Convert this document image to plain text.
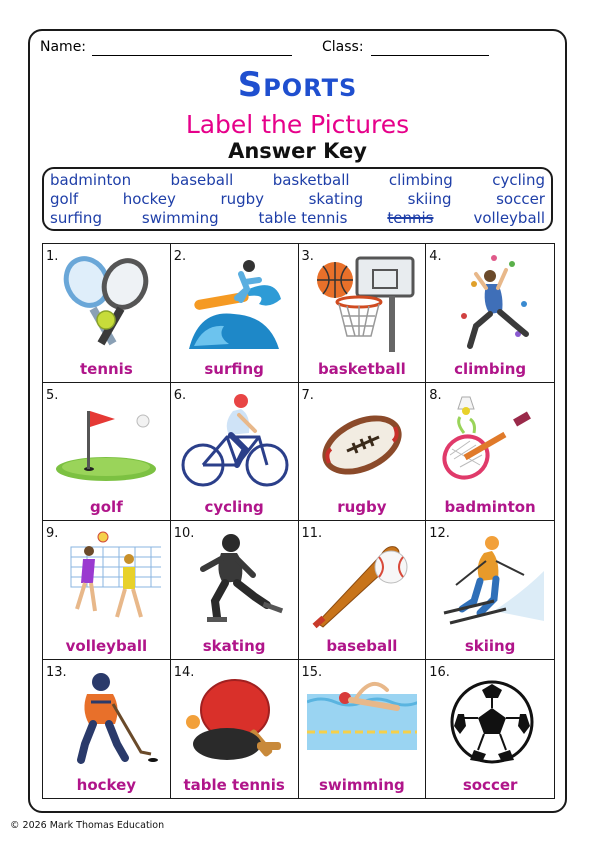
Name:	Class:
Sports
Label the Pictures
Answer Key
badminton	baseball	basketball	climbing	cycling
golf	hockey	rugby	skating	skiing	soccer
surfing	swimming	table tennis	tennis	volleyball
1.
tennis
2.
surfing
3.
basketball
4.
climbing
5.
golf
6.
cycling
7.
rugby
8.
badminton
9.
volleyball
10.
skating
11.
baseball
12.
skiing
13.
hockey
14.
table tennis
15.
swimming
16.
soccer
© 2026 Mark Thomas Education
